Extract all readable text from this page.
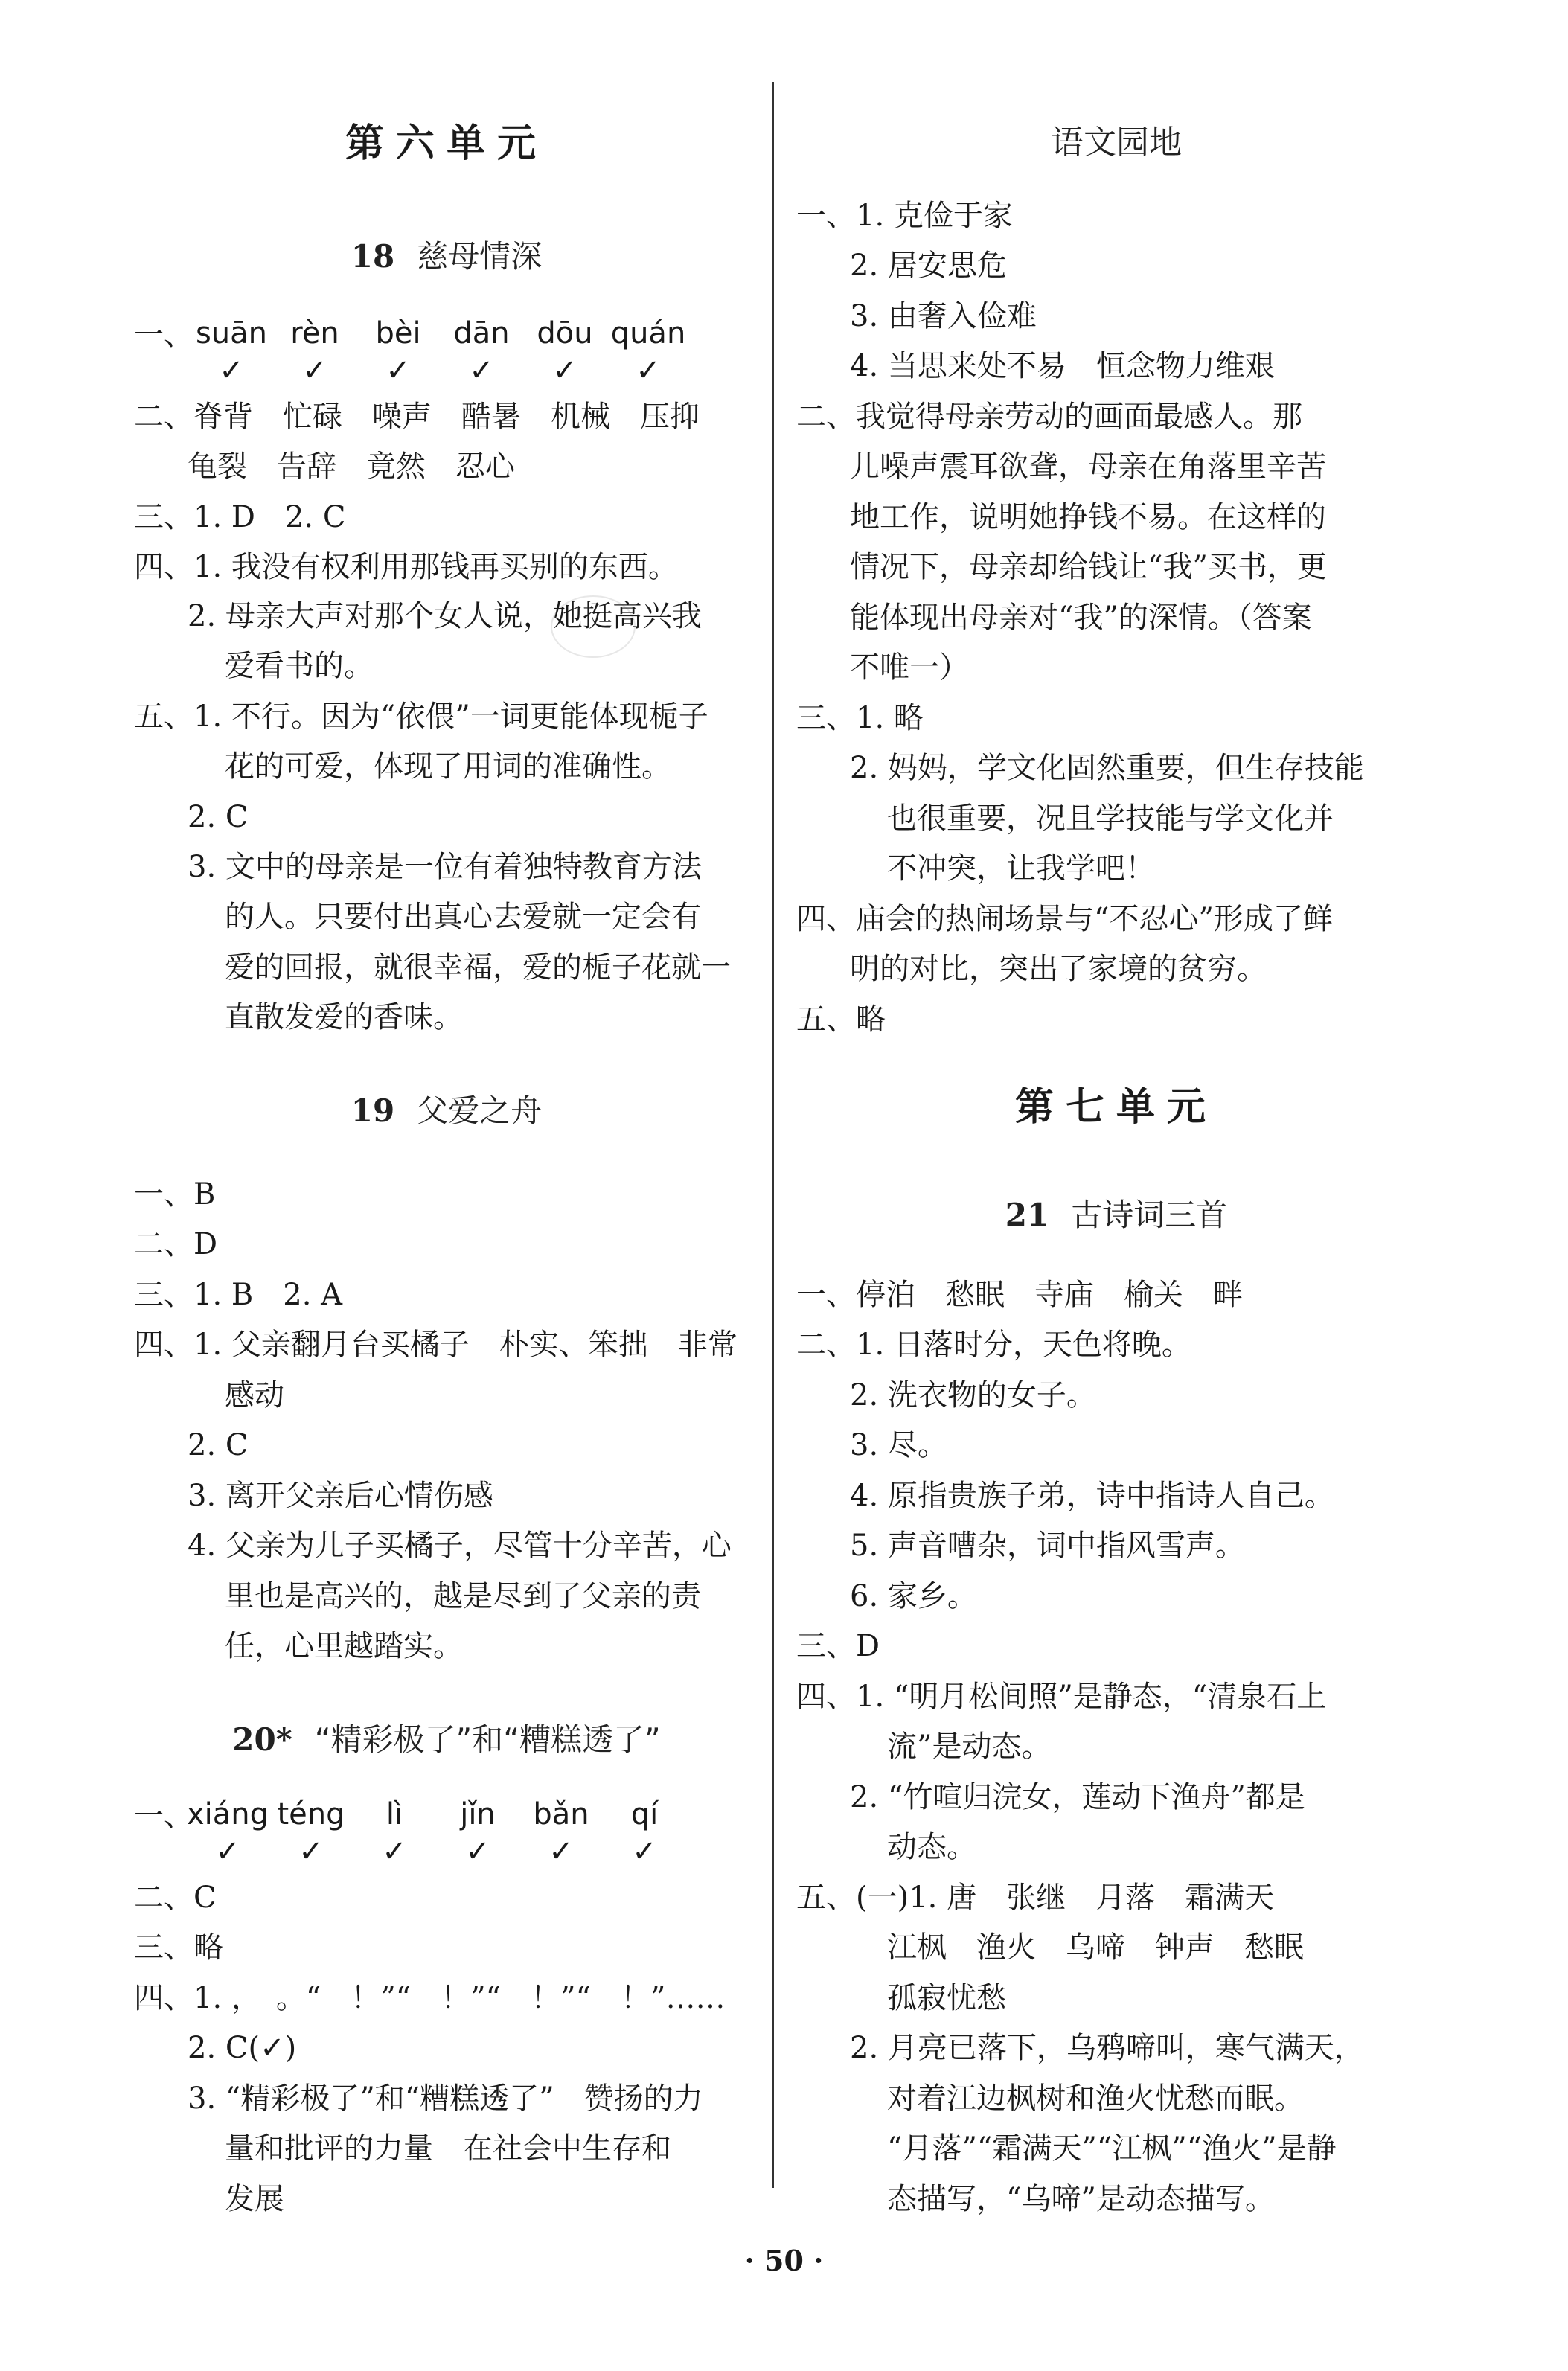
第六单元
18 慈母情深
一、 suān rèn bèi dān dōu quán
✓ ✓ ✓ ✓ ✓ ✓
二、脊背　忙碌　噪声　酷暑　机械　压抑
龟裂　告辞　竟然　忍心
三、1. D　2. C
四、1. 我没有权利用那钱再买别的东西。
2. 母亲大声对那个女人说，她挺高兴我
爱看书的。
五、1. 不行。因为“依偎”一词更能体现栀子
花的可爱，体现了用词的准确性。
2. C
3. 文中的母亲是一位有着独特教育方法
的人。只要付出真心去爱就一定会有
爱的回报，就很幸福，爱的栀子花就一
直散发爱的香味。
19 父爱之舟
一、B
二、D
三、1. B　2. A
四、1. 父亲翻月台买橘子　朴实、笨拙　非常
感动
2. C
3. 离开父亲后心情伤感
4. 父亲为儿子买橘子，尽管十分辛苦，心
里也是高兴的，越是尽到了父亲的责
任，心里越踏实。
20* “精彩极了”和“糟糕透了”
一、
xiáng téng lì jǐn bǎn qí
✓ ✓ ✓ ✓ ✓ ✓
二、C
三、略
四、1. ，　。“　！”“　！”“　！”“　！”……
2. C(✓)
3. “精彩极了”和“糟糕透了”　赞扬的力
量和批评的力量　在社会中生存和
发展
语文园地
一、1. 克俭于家
2. 居安思危
3. 由奢入俭难
4. 当思来处不易　恒念物力维艰
二、我觉得母亲劳动的画面最感人。那
儿噪声震耳欲聋，母亲在角落里辛苦
地工作，说明她挣钱不易。在这样的
情况下，母亲却给钱让“我”买书，更
能体现出母亲对“我”的深情。（答案
不唯一）
三、1. 略
2. 妈妈，学文化固然重要，但生存技能
也很重要，况且学技能与学文化并
不冲突，让我学吧！
四、庙会的热闹场景与“不忍心”形成了鲜
明的对比，突出了家境的贫穷。
五、略
第七单元
21 古诗词三首
一、停泊　愁眠　寺庙　榆关　畔
二、1. 日落时分，天色将晚。
2. 洗衣物的女子。
3. 尽。
4. 原指贵族子弟，诗中指诗人自己。
5. 声音嘈杂，词中指风雪声。
6. 家乡。
三、D
四、1. “明月松间照”是静态，“清泉石上
流”是动态。
2. “竹喧归浣女，莲动下渔舟”都是
动态。
五、(一)1. 唐　张继　月落　霜满天
江枫　渔火　乌啼　钟声　愁眠
孤寂忧愁
2. 月亮已落下，乌鸦啼叫，寒气满天，
对着江边枫树和渔火忧愁而眠。
“月落”“霜满天”“江枫”“渔火”是静
态描写，“乌啼”是动态描写。
· 50 ·
